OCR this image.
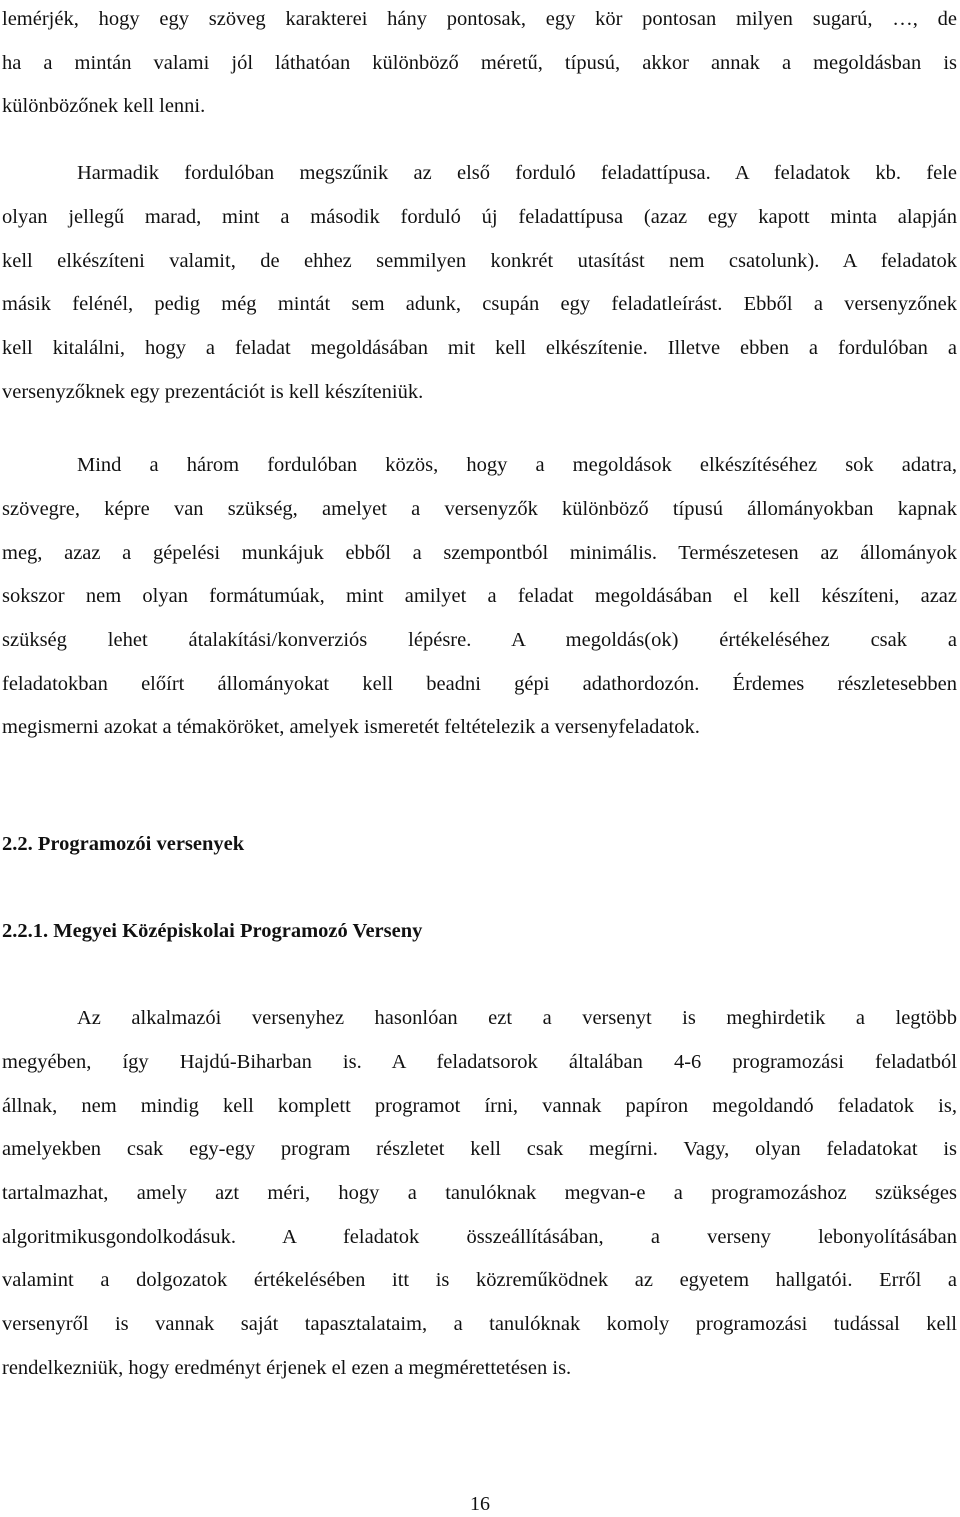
lemérjék, hogy egy szöveg karakterei hány pontosak, egy kör pontosan milyen sugarú, …, de

ha a mintán valami jól láthatóan különböző méretű, típusú, akkor annak a megoldásban is

különbözőnek kell lenni.

Harmadik fordulóban megszűnik az első forduló feladattípusa. A feladatok kb. fele

olyan jellegű marad, mint a második forduló új feladattípusa (azaz egy kapott minta alapján

kell elkészíteni valamit, de ehhez semmilyen konkrét utasítást nem csatolunk). A feladatok

másik felénél, pedig még mintát sem adunk, csupán egy feladatleírást. Ebből a versenyzőnek

kell kitalálni, hogy a feladat megoldásában mit kell elkészítenie. Illetve ebben a fordulóban a

versenyzőknek egy prezentációt is kell készíteniük.

Mind a három fordulóban közös, hogy a megoldások elkészítéséhez sok adatra,

szövegre, képre van szükség, amelyet a versenyzők különböző típusú állományokban kapnak

meg, azaz a gépelési munkájuk ebből a szempontból minimális. Természetesen az állományok

sokszor nem olyan formátumúak, mint amilyet a feladat megoldásában el kell készíteni, azaz

szükség lehet átalakítási/konverziós lépésre. A megoldás(ok) értékeléséhez csak a

feladatokban előírt állományokat kell beadni gépi adathordozón. Érdemes részletesebben

megismerni azokat a témaköröket, amelyek ismeretét feltételezik a versenyfeladatok.

2.2. Programozói versenyek
2.2.1. Megyei Középiskolai Programozó Verseny

Az alkalmazói versenyhez hasonlóan ezt a versenyt is meghirdetik a legtöbb

megyében, így Hajdú-Biharban is. A feladatsorok általában 4-6 programozási feladatból

állnak, nem mindig kell komplett programot írni, vannak papíron megoldandó feladatok is,

amelyekben csak egy-egy program részletet kell csak megírni. Vagy, olyan feladatokat is

tartalmazhat, amely azt méri, hogy a tanulóknak megvan-e a programozáshoz szükséges

algoritmikusgondolkodásuk. A feladatok összeállításában, a verseny lebonyolításában

valamint a dolgozatok értékelésében itt is közreműködnek az egyetem hallgatói. Erről a

versenyről is vannak saját tapasztalataim, a tanulóknak komoly programozási tudással kell

rendelkezniük, hogy eredményt érjenek el ezen a megmérettetésen is.

16
